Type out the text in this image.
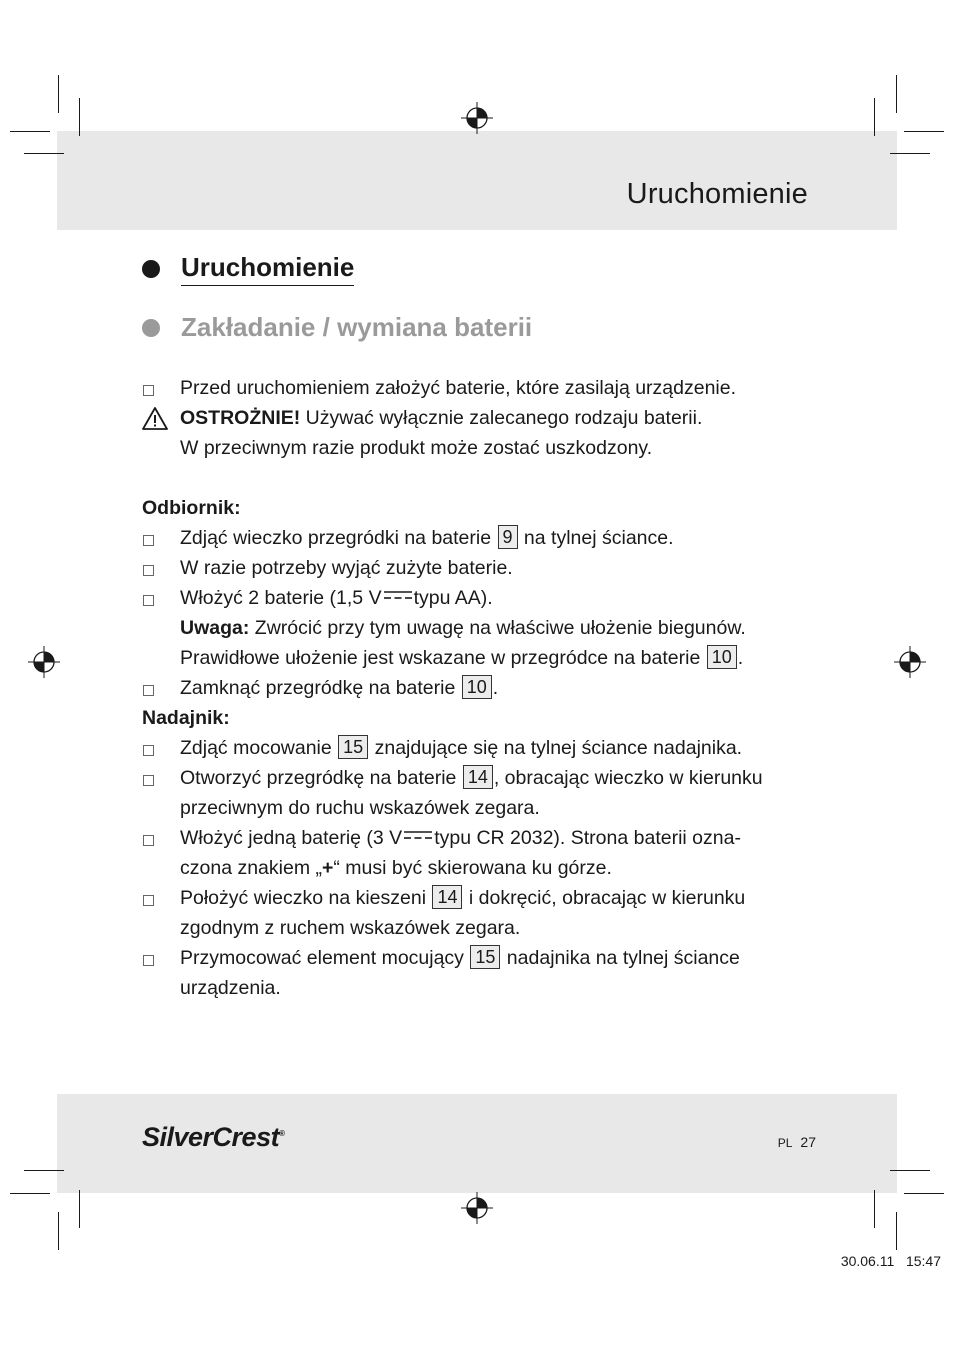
Uruchomienie
Uruchomienie
Zakładanie / wymiana baterii
Przed uruchomieniem założyć baterie, które zasilają urządzenie.
OSTROŻNIE! Używać wyłącznie zalecanego rodzaju baterii.
W przeciwnym razie produkt może zostać uszkodzony.
Odbiornik:
Zdjąć wieczko przegródki na baterie 9 na tylnej ściance.
W razie potrzeby wyjąć zużyte baterie.
Włożyć 2 baterie (1,5 V typu AA).
Uwaga: Zwrócić przy tym uwagę na właściwe ułożenie biegunów.
Prawidłowe ułożenie jest wskazane w przegródce na baterie 10 .
Zamknąć przegródkę na baterie 10 .
Nadajnik:
Zdjąć mocowanie 15 znajdujące się na tylnej ściance nadajnika.
Otworzyć przegródkę na baterie 14 , obracając wieczko w kierunku
przeciwnym do ruchu wskazówek zegara.
Włożyć jedną baterię (3 V typu CR 2032). Strona baterii ozna-
czona znakiem „+“ musi być skierowana ku górze.
Położyć wieczko na kieszeni 14 i dokręcić, obracając w kierunku
zgodnym z ruchem wskazówek zegara.
Przymocować element mocujący 15 nadajnika na tylnej ściance
urządzenia.
SilverCrest®
PL 27
30.06.11 15:47
